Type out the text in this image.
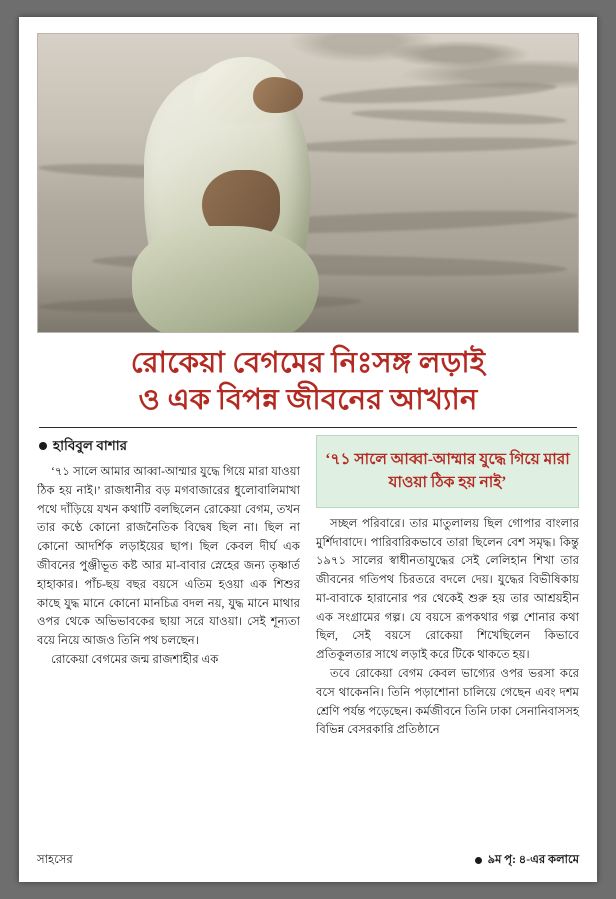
রোকেয়া বেগমের নিঃসঙ্গ লড়াই
ও এক বিপন্ন জীবনের আখ্যান
হাবিবুল বাশার

‘৭১ সালে আমার আব্বা-আম্মার যুদ্ধে গিয়ে মারা যাওয়া ঠিক হয় নাই।’ রাজধানীর বড় মগবাজারের ধুলোবালিমাখা পথে দাঁড়িয়ে যখন কথাটি বলছিলেন রোকেয়া বেগম, তখন তার কণ্ঠে কোনো রাজনৈতিক বিদ্বেষ ছিল না। ছিল না কোনো আদর্শিক লড়াইয়ের ছাপ। ছিল কেবল দীর্ঘ এক জীবনের পুঞ্জীভূত কষ্ট আর মা-বাবার স্নেহের জন্য তৃষ্ণার্ত হাহাকার। পাঁচ-ছয় বছর বয়সে এতিম হওয়া এক শিশুর কাছে যুদ্ধ মানে কোনো মানচিত্র বদল নয়, যুদ্ধ মানে মাথার ওপর থেকে অভিভাবকের ছায়া সরে যাওয়া। সেই শূন্যতা বয়ে নিয়ে আজও তিনি পথ চলছেন।

রোকেয়া বেগমের জন্ম রাজশাহীর এক

‘৭১ সালে আব্বা-আম্মার যুদ্ধে গিয়ে মারা যাওয়া ঠিক হয় নাই’

সচ্ছল পরিবারে। তার মাতুলালয় ছিল গোপার বাংলার মুর্শিদাবাদে। পারিবারিকভাবে তারা ছিলেন বেশ সমৃদ্ধ। কিন্তু ১৯৭১ সালের স্বাধীনতাযুদ্ধের সেই লেলিহান শিখা তার জীবনের গতিপথ চিরতরে বদলে দেয়। যুদ্ধের বিভীষিকায় মা-বাবাকে হারানোর পর থেকেই শুরু হয় তার আশ্রয়হীন এক সংগ্রামের গল্প। যে বয়সে রূপকথার গল্প শোনার কথা ছিল, সেই বয়সে রোকেয়া শিখেছিলেন কিভাবে প্রতিকূলতার সাথে লড়াই করে টিকে থাকতে হয়।

তবে রোকেয়া বেগম কেবল ভাগ্যের ওপর ভরসা করে বসে থাকেননি। তিনি পড়াশোনা চালিয়ে গেছেন এবং দশম শ্রেণি পর্যন্ত পড়েছেন। কর্মজীবনে তিনি ঢাকা সেনানিবাসসহ বিভিন্ন বেসরকারি প্রতিষ্ঠানে

সাহসের	৯ম পৃ: ৪-এর কলামে
